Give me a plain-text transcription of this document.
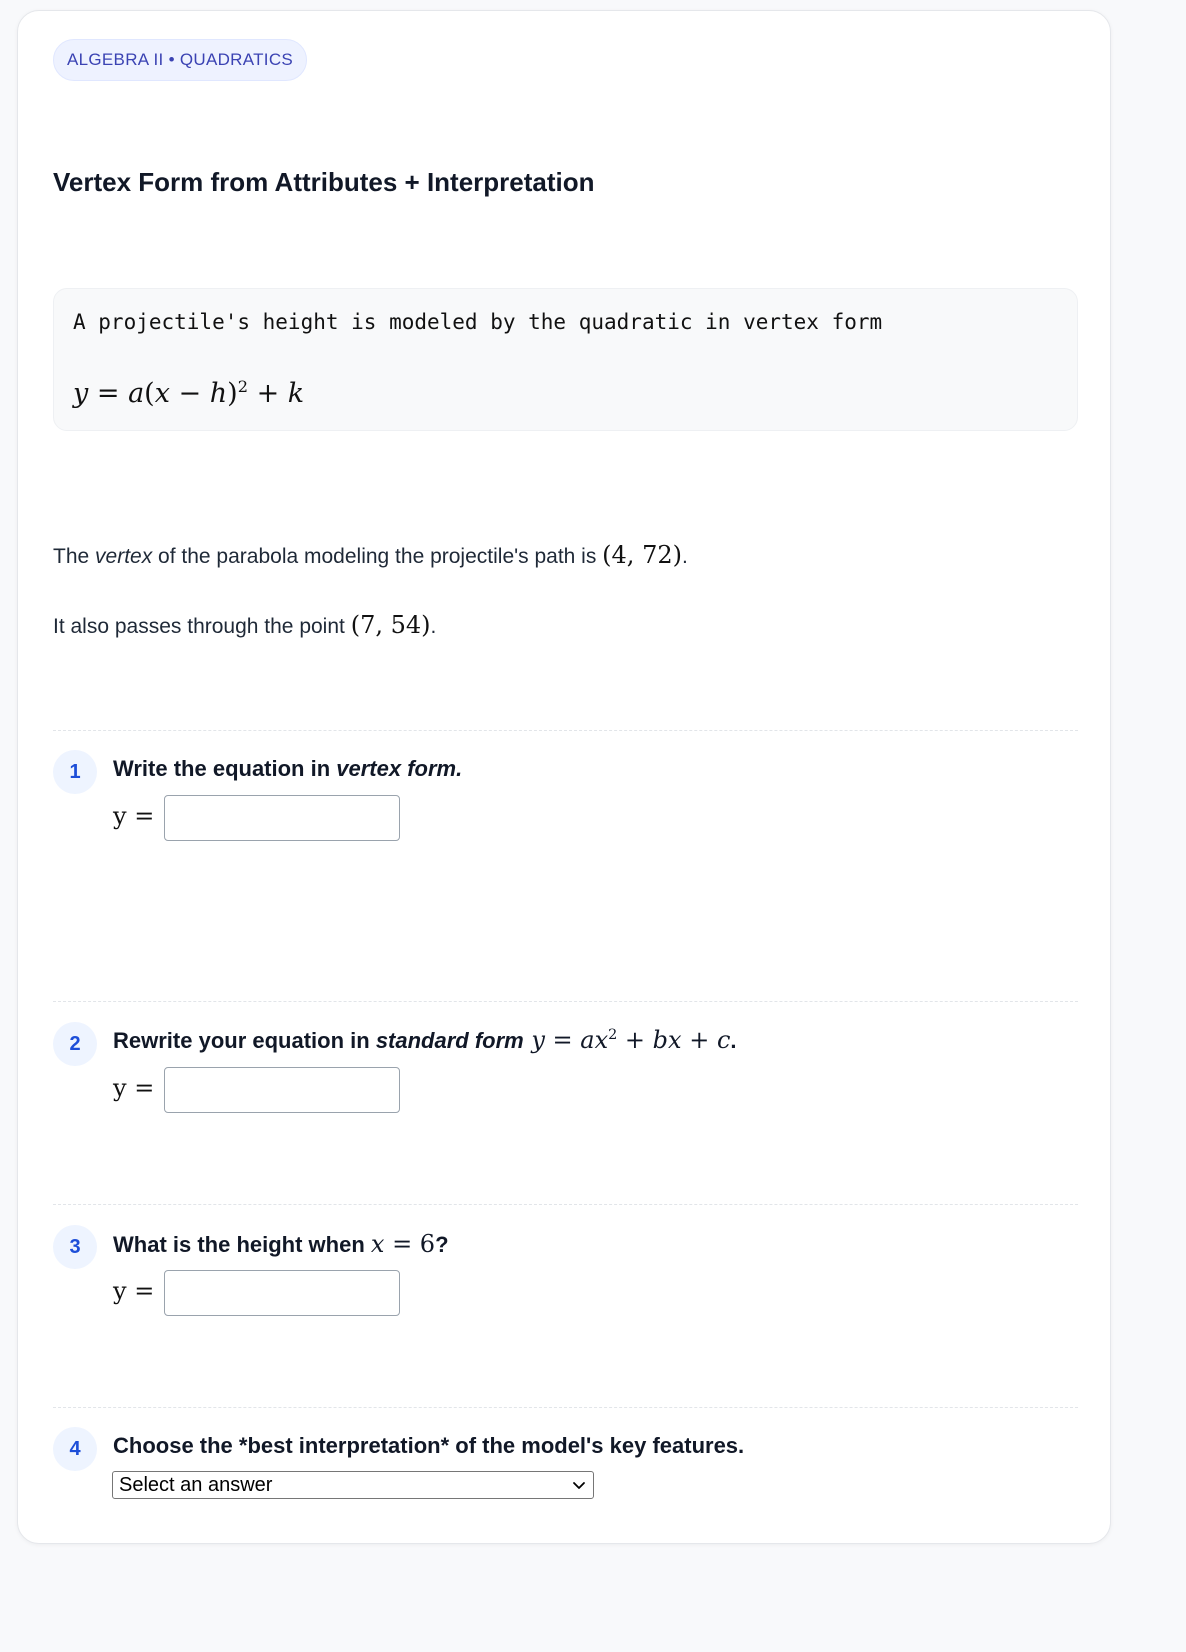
ALGEBRA II • QUADRATICS
Vertex Form from Attributes + Interpretation
A projectile's height is modeled by the quadratic in vertex form
$y = a(x - h)^2 + k$

The vertex of the parabola modeling the projectile's path is (4, 72).

It also passes through the point (7, 54).

1	Write the equation in vertex form.

y =
2	Rewrite your equation in standard form $y = ax^2$ + bx + c.

y =
3	What is the height when x = 6?

y =
4	Choose the *best interpretation* of the model's key features.

Select an answer
